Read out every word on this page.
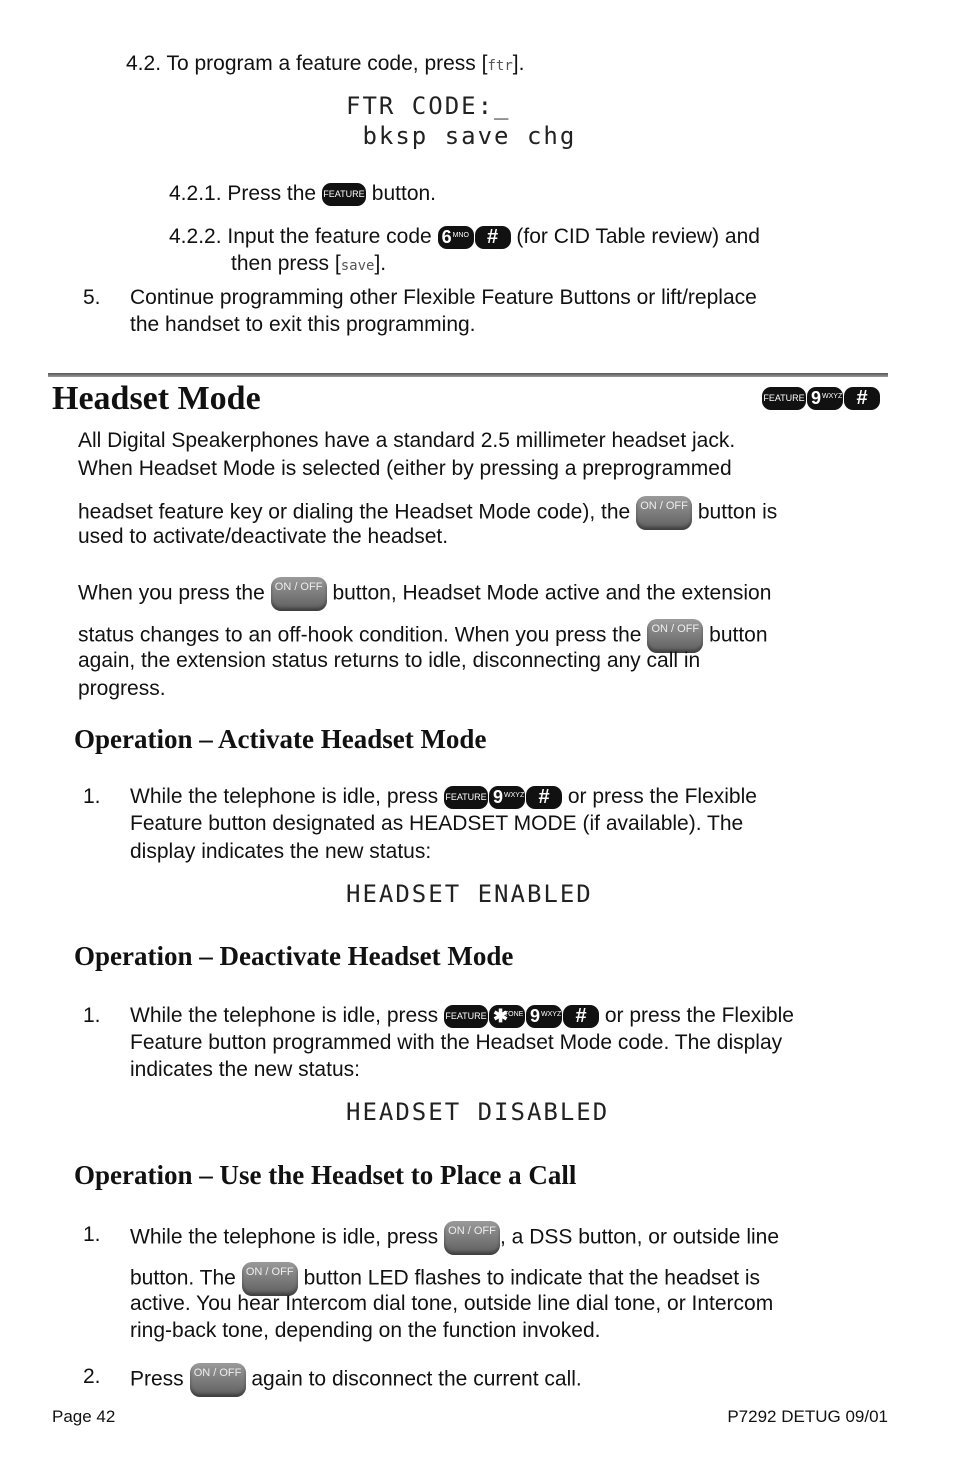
4.2. To program a feature code, press [ftr].
FTR CODE:_
bksp save chg
4.2.1. Press the FEATURE button.
4.2.2. Input the feature code 6 MNO # (for CID Table review) and
then press [save].
5. Continue programming other Flexible Feature Buttons or lift/replace
the handset to exit this programming.
Headset Mode	FEATURE 9 WXYZ #
All Digital Speakerphones have a standard 2.5 millimeter headset jack.
When Headset Mode is selected (either by pressing a preprogrammed
headset feature key or dialing the Headset Mode code), the ON / OFF button is
used to activate/deactivate the headset.
When you press the ON / OFF button, Headset Mode active and the extension
status changes to an off-hook condition. When you press the ON / OFF button
again, the extension status returns to idle, disconnecting any call in
progress.
Operation – Activate Headset Mode
1. While the telephone is idle, press FEATURE 9 WXYZ # or press the Flexible
Feature button designated as HEADSET MODE (if available). The
display indicates the new status:
HEADSET ENABLED
Operation – Deactivate Headset Mode
1. While the telephone is idle, press FEATURE ✱
TONE 9 WXYZ # or press the Flexible
Feature button programmed with the Headset Mode code. The display
indicates the new status:
HEADSET DISABLED
Operation – Use the Headset to Place a Call
1. While the telephone is idle, press ON / OFF , a DSS button, or outside line
button. The ON / OFF button LED flashes to indicate that the headset is
active. You hear Intercom dial tone, outside line dial tone, or Intercom
ring-back tone, depending on the function invoked.
2. Press ON / OFF again to disconnect the current call.
Page 42	P7292 DETUG 09/01
